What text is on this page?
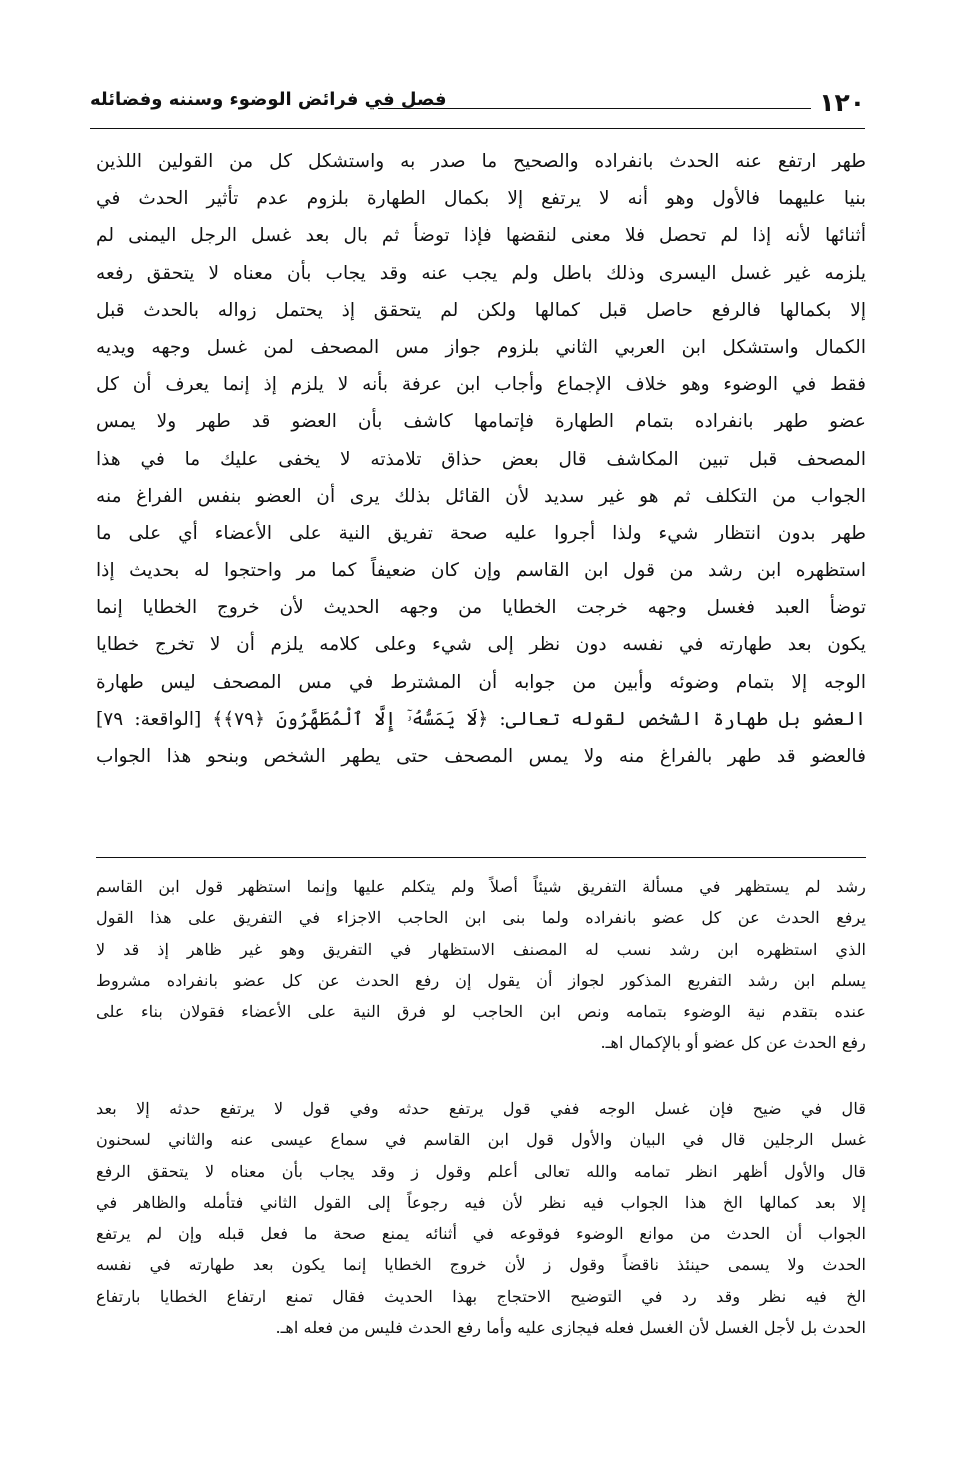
١٢٠
فصل في فرائض الوضوء وسننه وفضائله
طهر ارتفع عنه الحدث بانفراده والصحيح ما صدر به واستشكل كل من القولين اللذين
بنيا عليهما فالأول وهو أنه لا يرتفع إلا بكمال الطهارة بلزوم عدم تأثير الحدث في
أثنائها لأنه إذا لم تحصل فلا معنى لنقضها فإذا توضأ ثم بال بعد غسل الرجل اليمنى لم
يلزمه غير غسل اليسرى وذلك باطل ولم يجب عنه وقد يجاب بأن معناه لا يتحقق رفعه
إلا بكمالها فالرفع حاصل قبل كمالها ولكن لم يتحقق إذ يحتمل زواله بالحدث قبل
الكمال واستشكل ابن العربي الثاني بلزوم جواز مس المصحف لمن غسل وجهه ويديه
فقط في الوضوء وهو خلاف الإجماع وأجاب ابن عرفة بأنه لا يلزم إذ إنما يعرف أن كل
عضو طهر بانفراده بتمام الطهارة فإتمامها كاشف بأن العضو قد طهر ولا يمس
المصحف قبل تبين المكاشف قال بعض حذاق تلامذته لا يخفى عليك ما في هذا
الجواب من التكلف ثم هو غير سديد لأن القائل بذلك يرى أن العضو بنفس الفراغ منه
طهر بدون انتظار شيء ولذا أجروا عليه صحة تفريق النية على الأعضاء أي على ما
استظهره ابن رشد من قول ابن القاسم وإن كان ضعيفاً كما مر واحتجوا له بحديث إذا
توضأ العبد فغسل وجهه خرجت الخطايا من وجهه الحديث لأن خروج الخطايا إنما
يكون بعد طهارته في نفسه دون نظر إلى شيء وعلى كلامه يلزم أن لا تخرج خطايا
الوجه إلا بتمام وضوئه وأبين من جوابه أن المشترط في مس المصحف ليس طهارة
العضو بل طهارة الشخص لقوله تعالى: ﴿لَا يَمَسُّهُۥٓ إِلَّا ٱلْمُطَهَّرُونَ ﴿٧٩﴾﴾ [الواقعة: ٧٩]
فالعضو قد طهر بالفراغ منه ولا يمس المصحف حتى يطهر الشخص وبنحو هذا الجواب
رشد لم يستظهر في مسألة التفريق شيئاً أصلاً ولم يتكلم عليها وإنما استظهر قول ابن القاسم
يرفع الحدث عن كل عضو بانفراده ولما بنى ابن الحاجب الاجزاء في التفريق على هذا القول
الذي استظهره ابن رشد نسب له المصنف الاستظهار في التفريق وهو غير ظاهر إذ قد لا
يسلم ابن رشد التفريع المذكور لجواز أن يقول إن رفع الحدث عن كل عضو بانفراده مشروط
عنده بتقدم نية الوضوء بتمامه ونص ابن الحاجب لو فرق النية على الأعضاء فقولان بناء على
رفع الحدث عن كل عضو أو بالإكمال اهـ.
قال في ضيح فإن غسل الوجه ففي قول يرتفع حدثه وفي قول لا يرتفع حدثه إلا بعد
غسل الرجلين قال في البيان والأول قول ابن القاسم في سماع عيسى عنه والثاني لسحنون
قال والأول أظهر انظر تمامه والله تعالى أعلم وقول ز وقد يجاب بأن معناه لا يتحقق الرفع
إلا بعد كمالها الخ هذا الجواب فيه نظر لأن فيه رجوعاً إلى القول الثاني فتأمله والظاهر في
الجواب أن الحدث من موانع الوضوء فوقوعه في أثنائه يمنع صحة ما فعل قبله وإن لم يرتفع
الحدث ولا يسمى حينئذ ناقضاً وقول ز لأن خروج الخطايا إنما يكون بعد طهارته في نفسه
الخ فيه نظر وقد رد في التوضيح الاحتجاج بهذا الحديث فقال تمنع ارتفاع الخطايا بارتفاع
الحدث بل لأجل الغسل لأن الغسل فعله فيجازى عليه وأما رفع الحدث فليس من فعله اهـ.
